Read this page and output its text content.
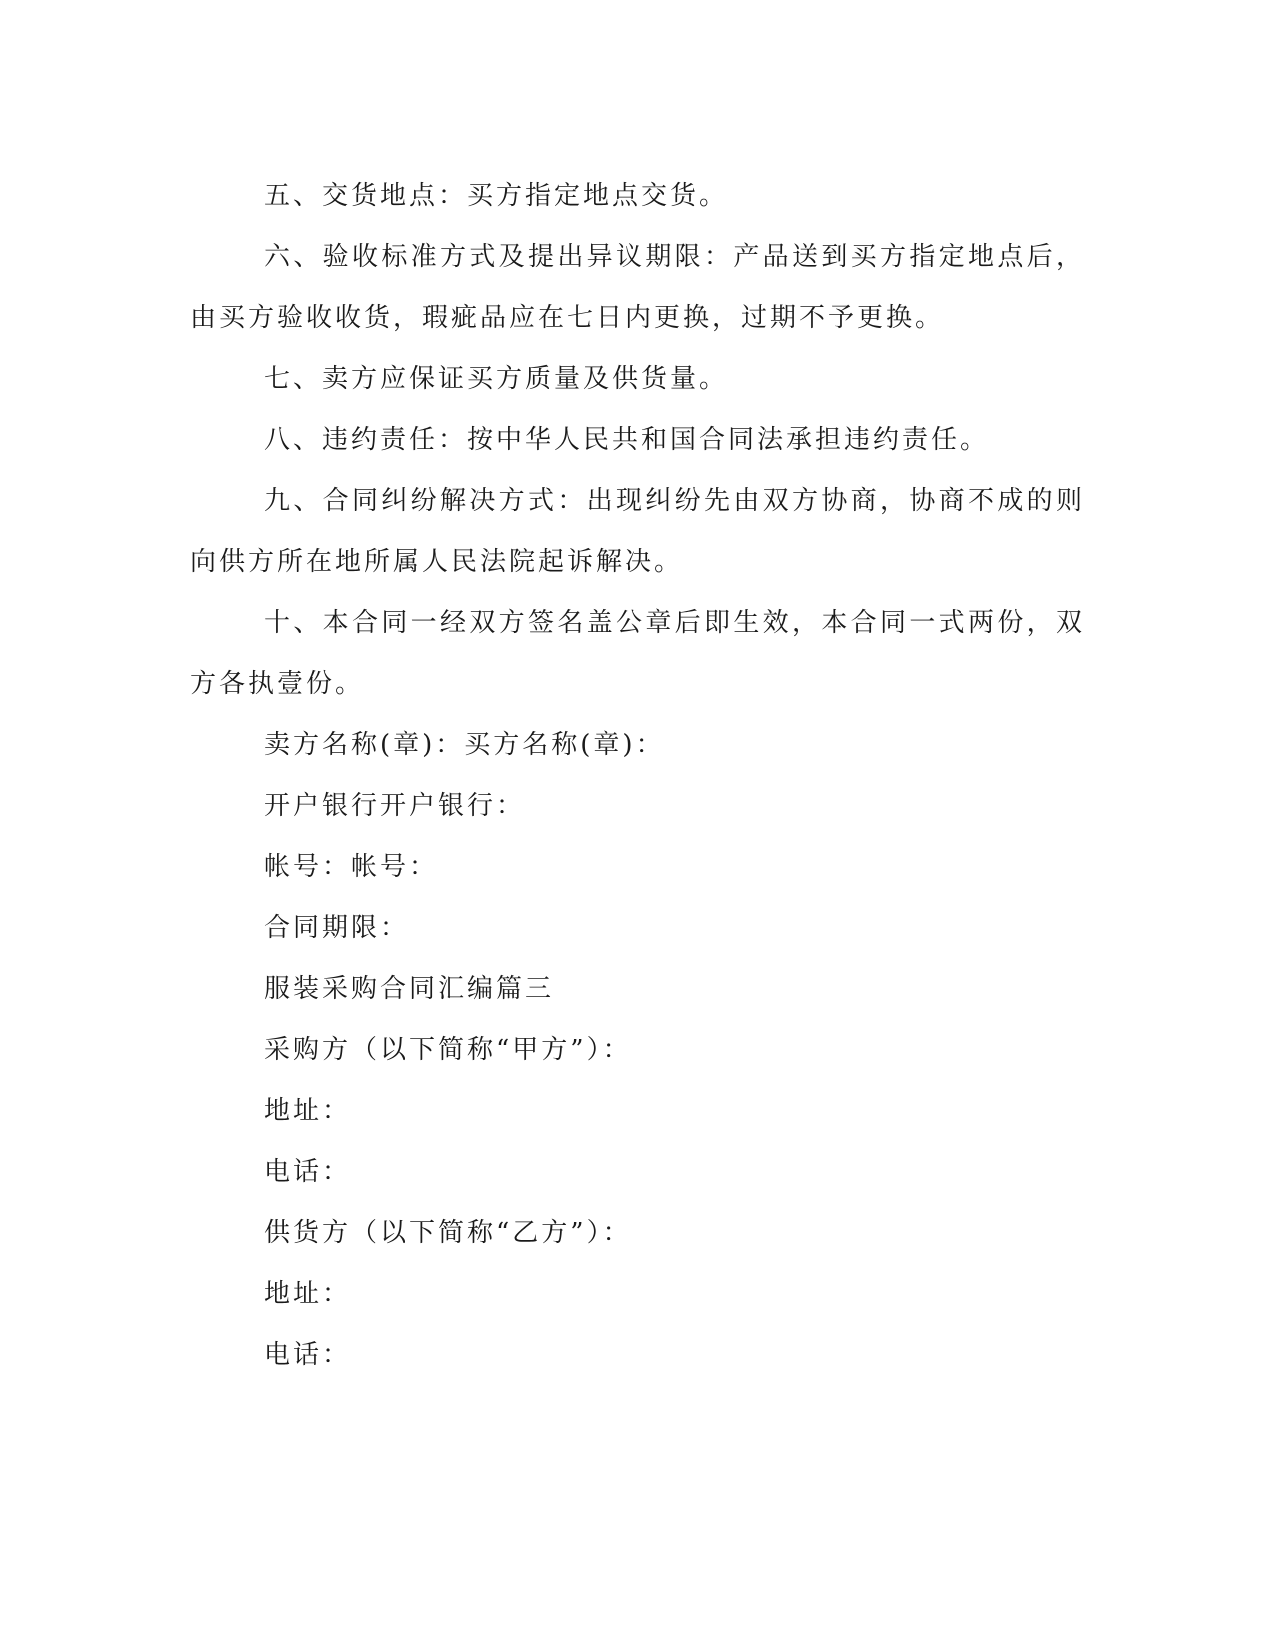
五、交货地点：买方指定地点交货。

六、验收标准方式及提出异议期限：产品送到买方指定地点后，由买方验收收货，瑕疵品应在七日内更换，过期不予更换。

七、卖方应保证买方质量及供货量。

八、违约责任：按中华人民共和国合同法承担违约责任。

九、合同纠纷解决方式：出现纠纷先由双方协商，协商不成的则向供方所在地所属人民法院起诉解决。

十、本合同一经双方签名盖公章后即生效，本合同一式两份，双方各执壹份。

卖方名称(章)：买方名称(章)：

开户银行开户银行：

帐号：帐号：

合同期限：

服装采购合同汇编篇三

采购方（以下简称“甲方”）：

地址：

电话：

供货方（以下简称“乙方”）：

地址：

电话：
